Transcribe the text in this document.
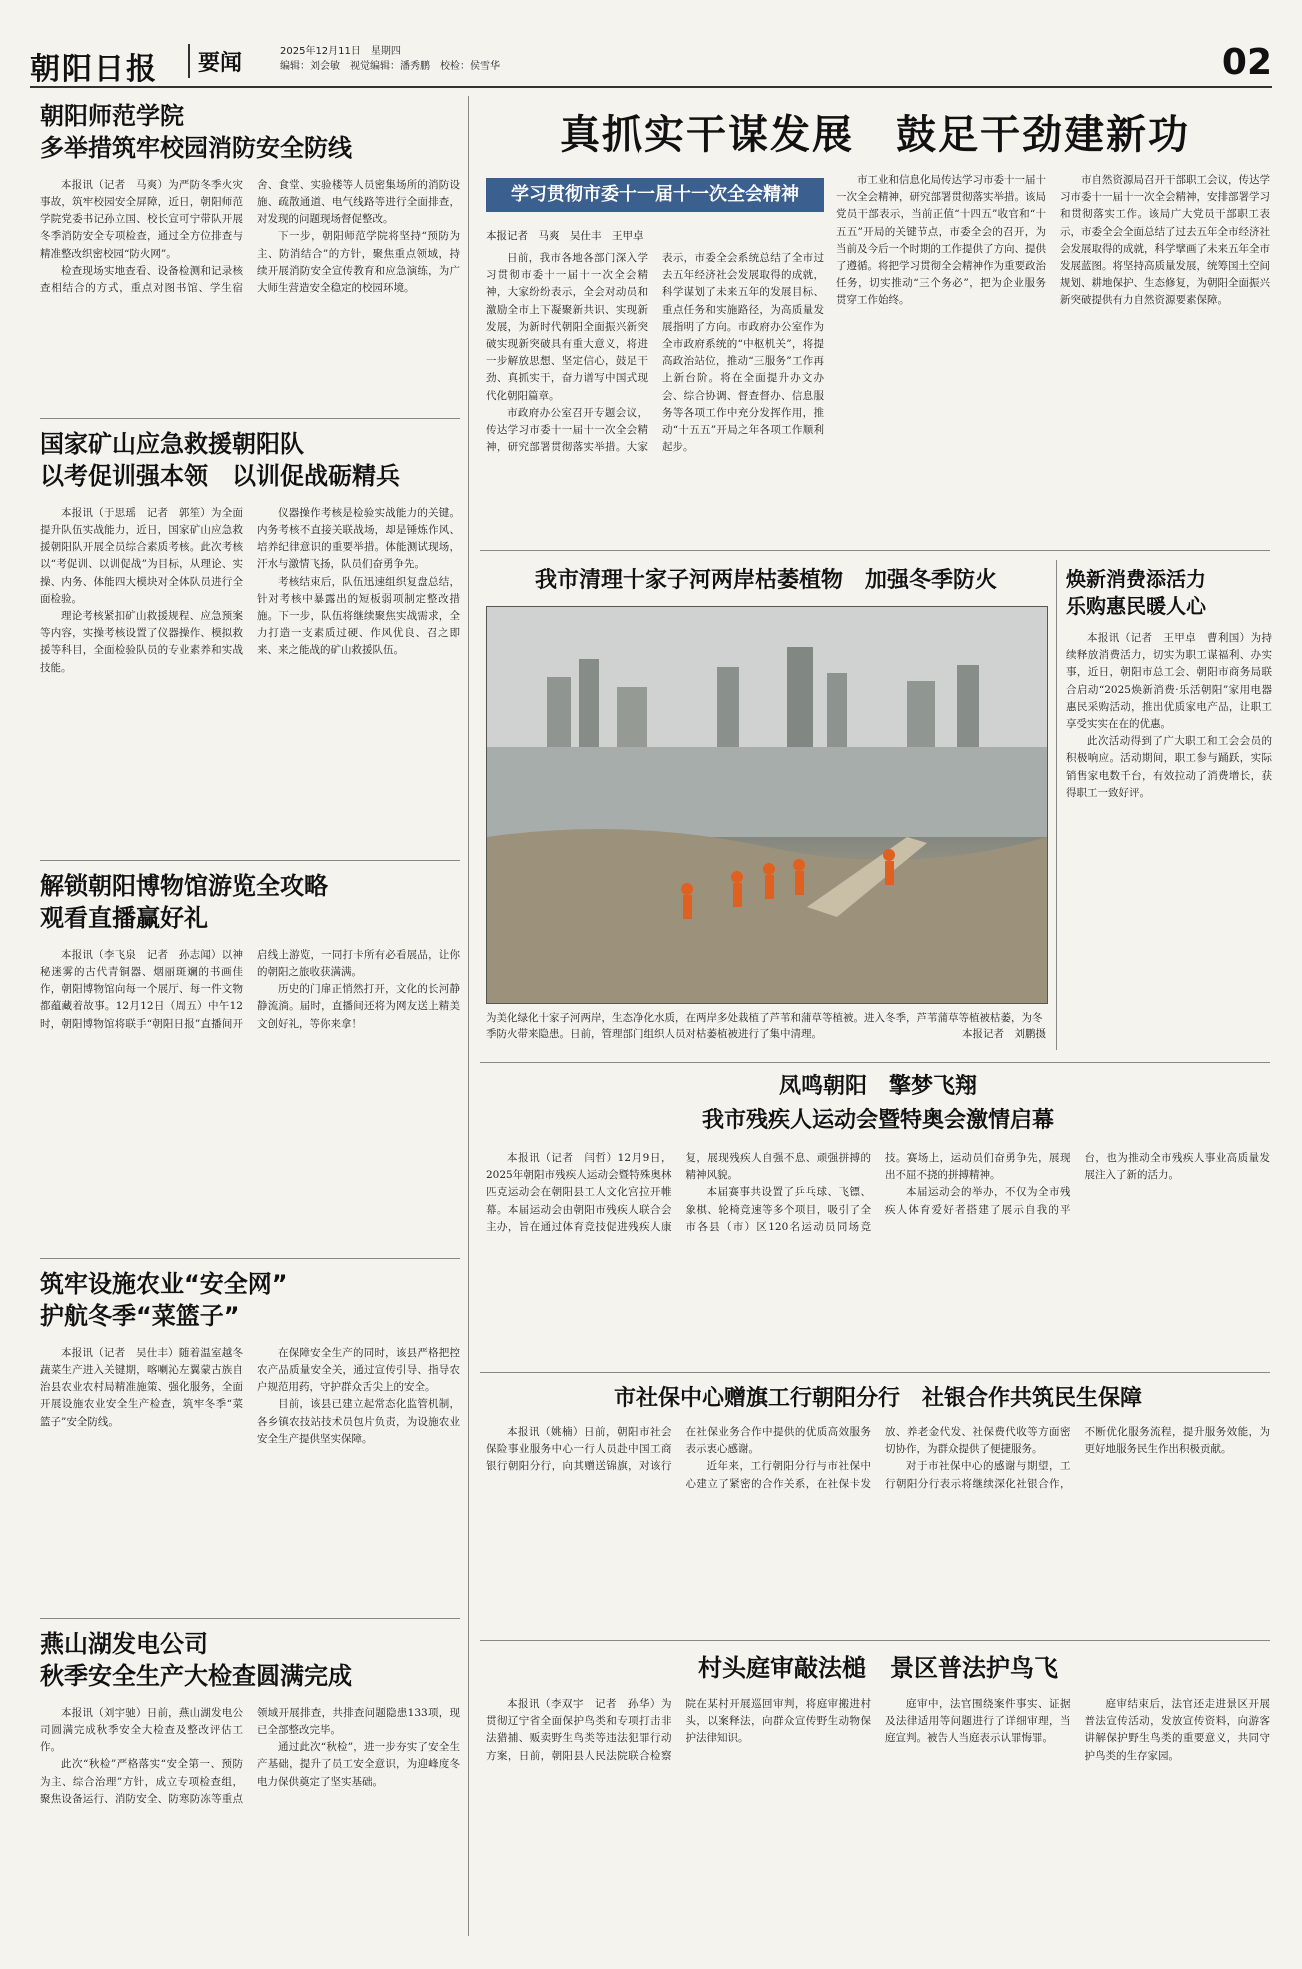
朝阳日报 要闻	2025年12月11日　星期四
编辑：刘会敏　视觉编辑：潘秀鹏　校检：侯雪华	02
朝阳师范学院
多举措筑牢校园消防安全防线

本报讯（记者　马爽）为严防冬季火灾事故，筑牢校园安全屏障，近日，朝阳师范学院党委书记孙立国、校长宣可宁带队开展冬季消防安全专项检查，通过全方位排查与精准整改织密校园“防火网”。

检查现场实地查看、设备检测和记录核查相结合的方式，重点对图书馆、学生宿舍、食堂、实验楼等人员密集场所的消防设施、疏散通道、电气线路等进行全面排查，对发现的问题现场督促整改。

下一步，朝阳师范学院将坚持“预防为主、防消结合”的方针，聚焦重点领域，持续开展消防安全宣传教育和应急演练，为广大师生营造安全稳定的校园环境。

国家矿山应急救援朝阳队
以考促训强本领　以训促战砺精兵

本报讯（于思瑶　记者　郭笙）为全面提升队伍实战能力，近日，国家矿山应急救援朝阳队开展全员综合素质考核。此次考核以“考促训、以训促战”为目标，从理论、实操、内务、体能四大模块对全体队员进行全面检验。

理论考核紧扣矿山救援规程、应急预案等内容，实操考核设置了仪器操作、模拟救援等科目，全面检验队员的专业素养和实战技能。

仪器操作考核是检验实战能力的关键。内务考核不直接关联战场，却是锤炼作风、培养纪律意识的重要举措。体能测试现场，汗水与激情飞扬，队员们奋勇争先。

考核结束后，队伍迅速组织复盘总结，针对考核中暴露出的短板弱项制定整改措施。下一步，队伍将继续聚焦实战需求，全力打造一支素质过硬、作风优良、召之即来、来之能战的矿山救援队伍。

解锁朝阳博物馆游览全攻略
观看直播赢好礼

本报讯（李飞泉　记者　孙志闻）以神秘迷雾的古代青铜器、烟丽斑斓的书画佳作，朝阳博物馆向每一个展厅、每一件文物都蕴藏着故事。12月12日（周五）中午12时，朝阳博物馆将联手“朝阳日报”直播间开启线上游览，一同打卡所有必看展品，让你的朝阳之旅收获满满。

历史的门扉正悄然打开，文化的长河静静流淌。届时，直播间还将为网友送上精美文创好礼，等你来拿！

筑牢设施农业“安全网”
护航冬季“菜篮子”

本报讯（记者　吴仕丰）随着温室越冬蔬菜生产进入关键期，喀喇沁左翼蒙古族自治县农业农村局精准施策、强化服务，全面开展设施农业安全生产检查，筑牢冬季“菜篮子”安全防线。

在保障安全生产的同时，该县严格把控农产品质量安全关，通过宣传引导、指导农户规范用药，守护群众舌尖上的安全。

目前，该县已建立起常态化监管机制，各乡镇农技站技术员包片负责，为设施农业安全生产提供坚实保障。

燕山湖发电公司
秋季安全生产大检查圆满完成

本报讯（刘宇驰）日前，燕山湖发电公司圆满完成秋季安全大检查及整改评估工作。

此次“秋检”严格落实“安全第一、预防为主、综合治理”方针，成立专项检查组，聚焦设备运行、消防安全、防寒防冻等重点领域开展排查，共排查问题隐患133项，现已全部整改完毕。

通过此次“秋检”，进一步夯实了安全生产基础，提升了员工安全意识，为迎峰度冬电力保供奠定了坚实基础。

真抓实干谋发展　鼓足干劲建新功
学习贯彻市委十一届十一次全会精神
本报记者　马爽　吴仕丰　王甲卓

日前，我市各地各部门深入学习贯彻市委十一届十一次全会精神，大家纷纷表示，全会对动员和激励全市上下凝聚新共识、实现新发展，为新时代朝阳全面振兴新突破实现新突破具有重大意义，将进一步解放思想、坚定信心，鼓足干劲、真抓实干，奋力谱写中国式现代化朝阳篇章。

市政府办公室召开专题会议，传达学习市委十一届十一次全会精神，研究部署贯彻落实举措。大家表示，市委全会系统总结了全市过去五年经济社会发展取得的成就，科学谋划了未来五年的发展目标、重点任务和实施路径，为高质量发展指明了方向。市政府办公室作为全市政府系统的“中枢机关”，将提高政治站位，推动“三服务”工作再上新台阶。将在全面提升办文办会、综合协调、督查督办、信息服务等各项工作中充分发挥作用，推动“十五五”开局之年各项工作顺利起步。

市工业和信息化局传达学习市委十一届十一次全会精神，研究部署贯彻落实举措。该局党员干部表示，当前正值“十四五”收官和“十五五”开局的关键节点，市委全会的召开，为当前及今后一个时期的工作提供了方向、提供了遵循。将把学习贯彻全会精神作为重要政治任务，切实推动“三个务必”，把为企业服务贯穿工作始终。

市自然资源局召开干部职工会议，传达学习市委十一届十一次全会精神，安排部署学习和贯彻落实工作。该局广大党员干部职工表示，市委全会全面总结了过去五年全市经济社会发展取得的成就，科学擘画了未来五年全市发展蓝图。将坚持高质量发展，统筹国土空间规划、耕地保护、生态修复，为朝阳全面振兴新突破提供有力自然资源要素保障。

我市清理十家子河两岸枯萎植物　加强冬季防火
为美化绿化十家子河两岸，生态净化水质，在两岸多处栽植了芦苇和蒲草等植被。进入冬季，芦苇蒲草等植被枯萎，为冬季防火带来隐患。日前，管理部门组织人员对枯萎植被进行了集中清理。	本报记者　刘鹏摄
焕新消费添活力
乐购惠民暖人心

本报讯（记者　王甲卓　曹利国）为持续释放消费活力，切实为职工谋福利、办实事，近日，朝阳市总工会、朝阳市商务局联合启动“2025焕新消费·乐活朝阳”家用电器惠民采购活动，推出优质家电产品，让职工享受实实在在的优惠。

此次活动得到了广大职工和工会会员的积极响应。活动期间，职工参与踊跃，实际销售家电数千台，有效拉动了消费增长，获得职工一致好评。

凤鸣朝阳　擎梦飞翔
我市残疾人运动会暨特奥会激情启幕

本报讯（记者　闫哲）12月9日，2025年朝阳市残疾人运动会暨特殊奥林匹克运动会在朝阳县工人文化宫拉开帷幕。本届运动会由朝阳市残疾人联合会主办，旨在通过体育竞技促进残疾人康复，展现残疾人自强不息、顽强拼搏的精神风貌。

本届赛事共设置了乒乓球、飞镖、象棋、轮椅竞速等多个项目，吸引了全市各县（市）区120名运动员同场竞技。赛场上，运动员们奋勇争先，展现出不屈不挠的拼搏精神。

本届运动会的举办，不仅为全市残疾人体育爱好者搭建了展示自我的平台，也为推动全市残疾人事业高质量发展注入了新的活力。

市社保中心赠旗工行朝阳分行　社银合作共筑民生保障

本报讯（姚楠）日前，朝阳市社会保险事业服务中心一行人员赴中国工商银行朝阳分行，向其赠送锦旗，对该行在社保业务合作中提供的优质高效服务表示衷心感谢。

近年来，工行朝阳分行与市社保中心建立了紧密的合作关系，在社保卡发放、养老金代发、社保费代收等方面密切协作，为群众提供了便捷服务。

对于市社保中心的感谢与期望，工行朝阳分行表示将继续深化社银合作，不断优化服务流程，提升服务效能，为更好地服务民生作出积极贡献。

村头庭审敲法槌　景区普法护鸟飞

本报讯（李双宇　记者　孙华）为贯彻辽宁省全面保护鸟类和专项打击非法猎捕、贩卖野生鸟类等违法犯罪行动方案，日前，朝阳县人民法院联合检察院在某村开展巡回审判，将庭审搬进村头，以案释法，向群众宣传野生动物保护法律知识。

庭审中，法官围绕案件事实、证据及法律适用等问题进行了详细审理，当庭宣判。被告人当庭表示认罪悔罪。

庭审结束后，法官还走进景区开展普法宣传活动，发放宣传资料，向游客讲解保护野生鸟类的重要意义，共同守护鸟类的生存家园。
